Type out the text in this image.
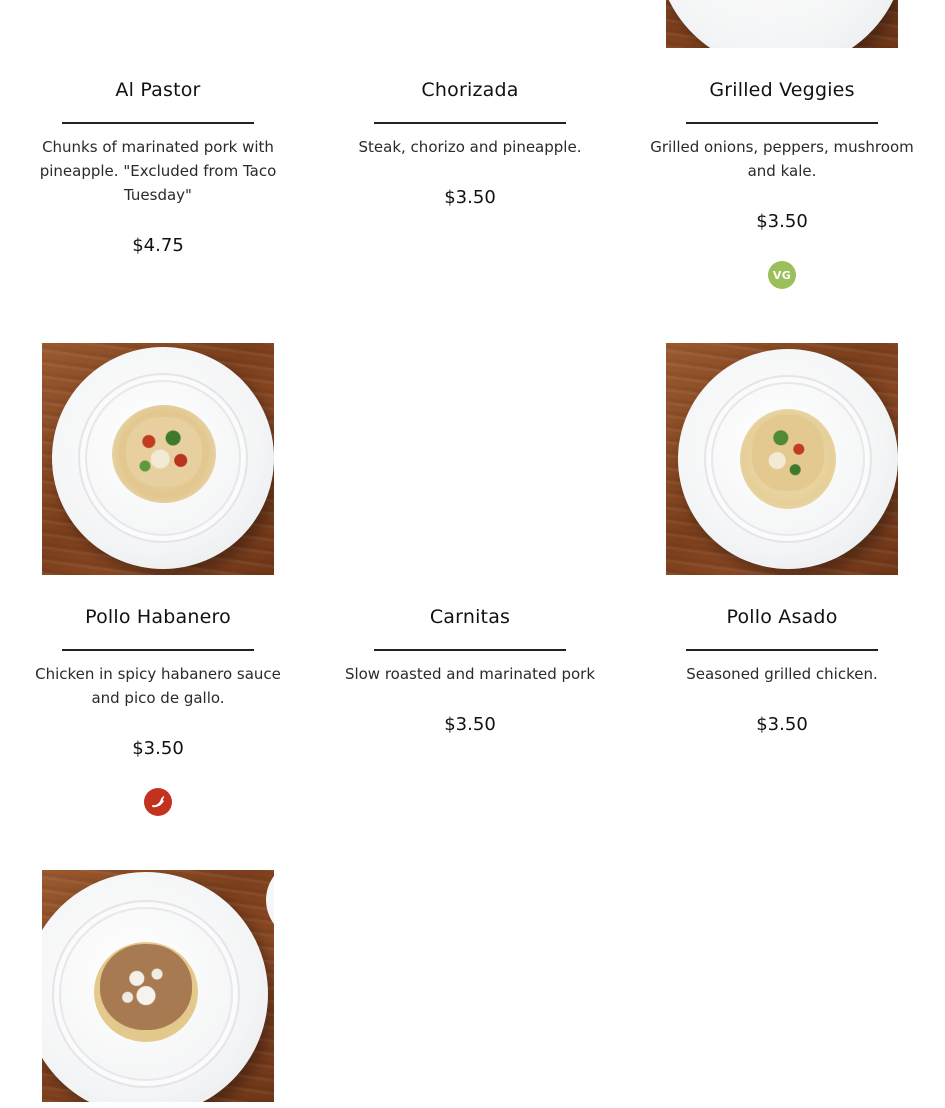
Al Pastor
Chunks of marinated pork with pineapple. "Excluded from Taco Tuesday"
$4.75
Chorizada
Steak, chorizo and pineapple.
$3.50
Grilled Veggies
Grilled onions, peppers, mushroom and kale.
$3.50
VG
Pollo Habanero
Chicken in spicy habanero sauce and pico de gallo.
$3.50
Carnitas
Slow roasted and marinated pork
$3.50
Pollo Asado
Seasoned grilled chicken.
$3.50
